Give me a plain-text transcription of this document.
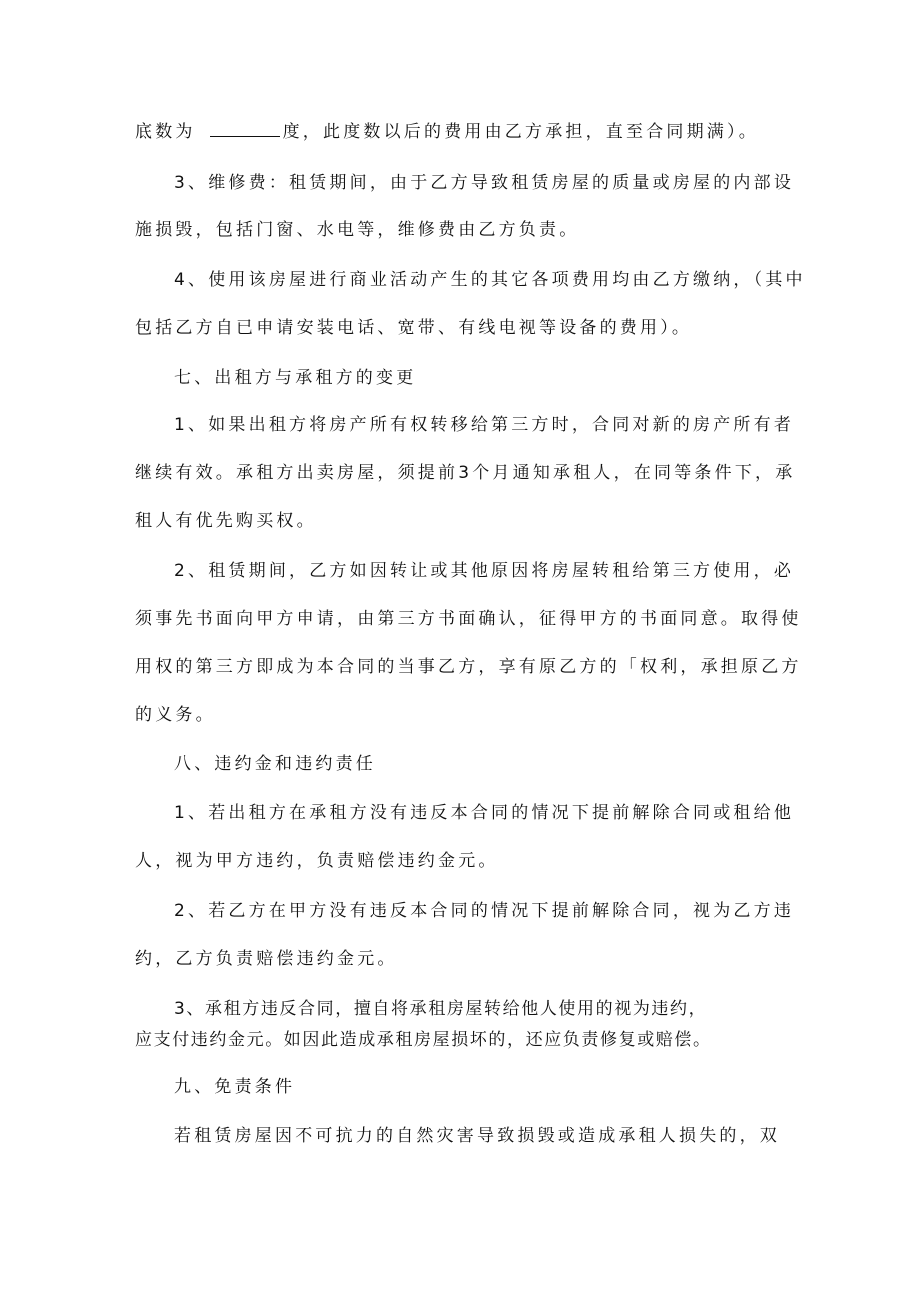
底数为	度，此度数以后的费用由乙方承担，直至合同期满）。

3、维修费：租赁期间，由于乙方导致租赁房屋的质量或房屋的内部设

施损毁，包括门窗、水电等，维修费由乙方负责。

4、使用该房屋进行商业活动产生的其它各项费用均由乙方缴纳，（其中

包括乙方自已申请安装电话、宽带、有线电视等设备的费用）。

七、出租方与承租方的变更

1、如果出租方将房产所有权转移给第三方时，合同对新的房产所有者

继续有效。承租方出卖房屋，须提前3个月通知承租人，在同等条件下，承

租人有优先购买权。

2、租赁期间，乙方如因转让或其他原因将房屋转租给第三方使用，必

须事先书面向甲方申请，由第三方书面确认，征得甲方的书面同意。取得使

用权的第三方即成为本合同的当事乙方，享有原乙方的「权利，承担原乙方

的义务。

八、违约金和违约责任

1、若出租方在承租方没有违反本合同的情况下提前解除合同或租给他

人，视为甲方违约，负责赔偿违约金元。

2、若乙方在甲方没有违反本合同的情况下提前解除合同，视为乙方违

约，乙方负责赔偿违约金元。

3、承租方违反合同，擅自将承租房屋转给他人使用的视为违约，

应支付违约金元。如因此造成承租房屋损坏的，还应负责修复或赔偿。

九、免责条件

若租赁房屋因不可抗力的自然灾害导致损毁或造成承租人损失的，双
